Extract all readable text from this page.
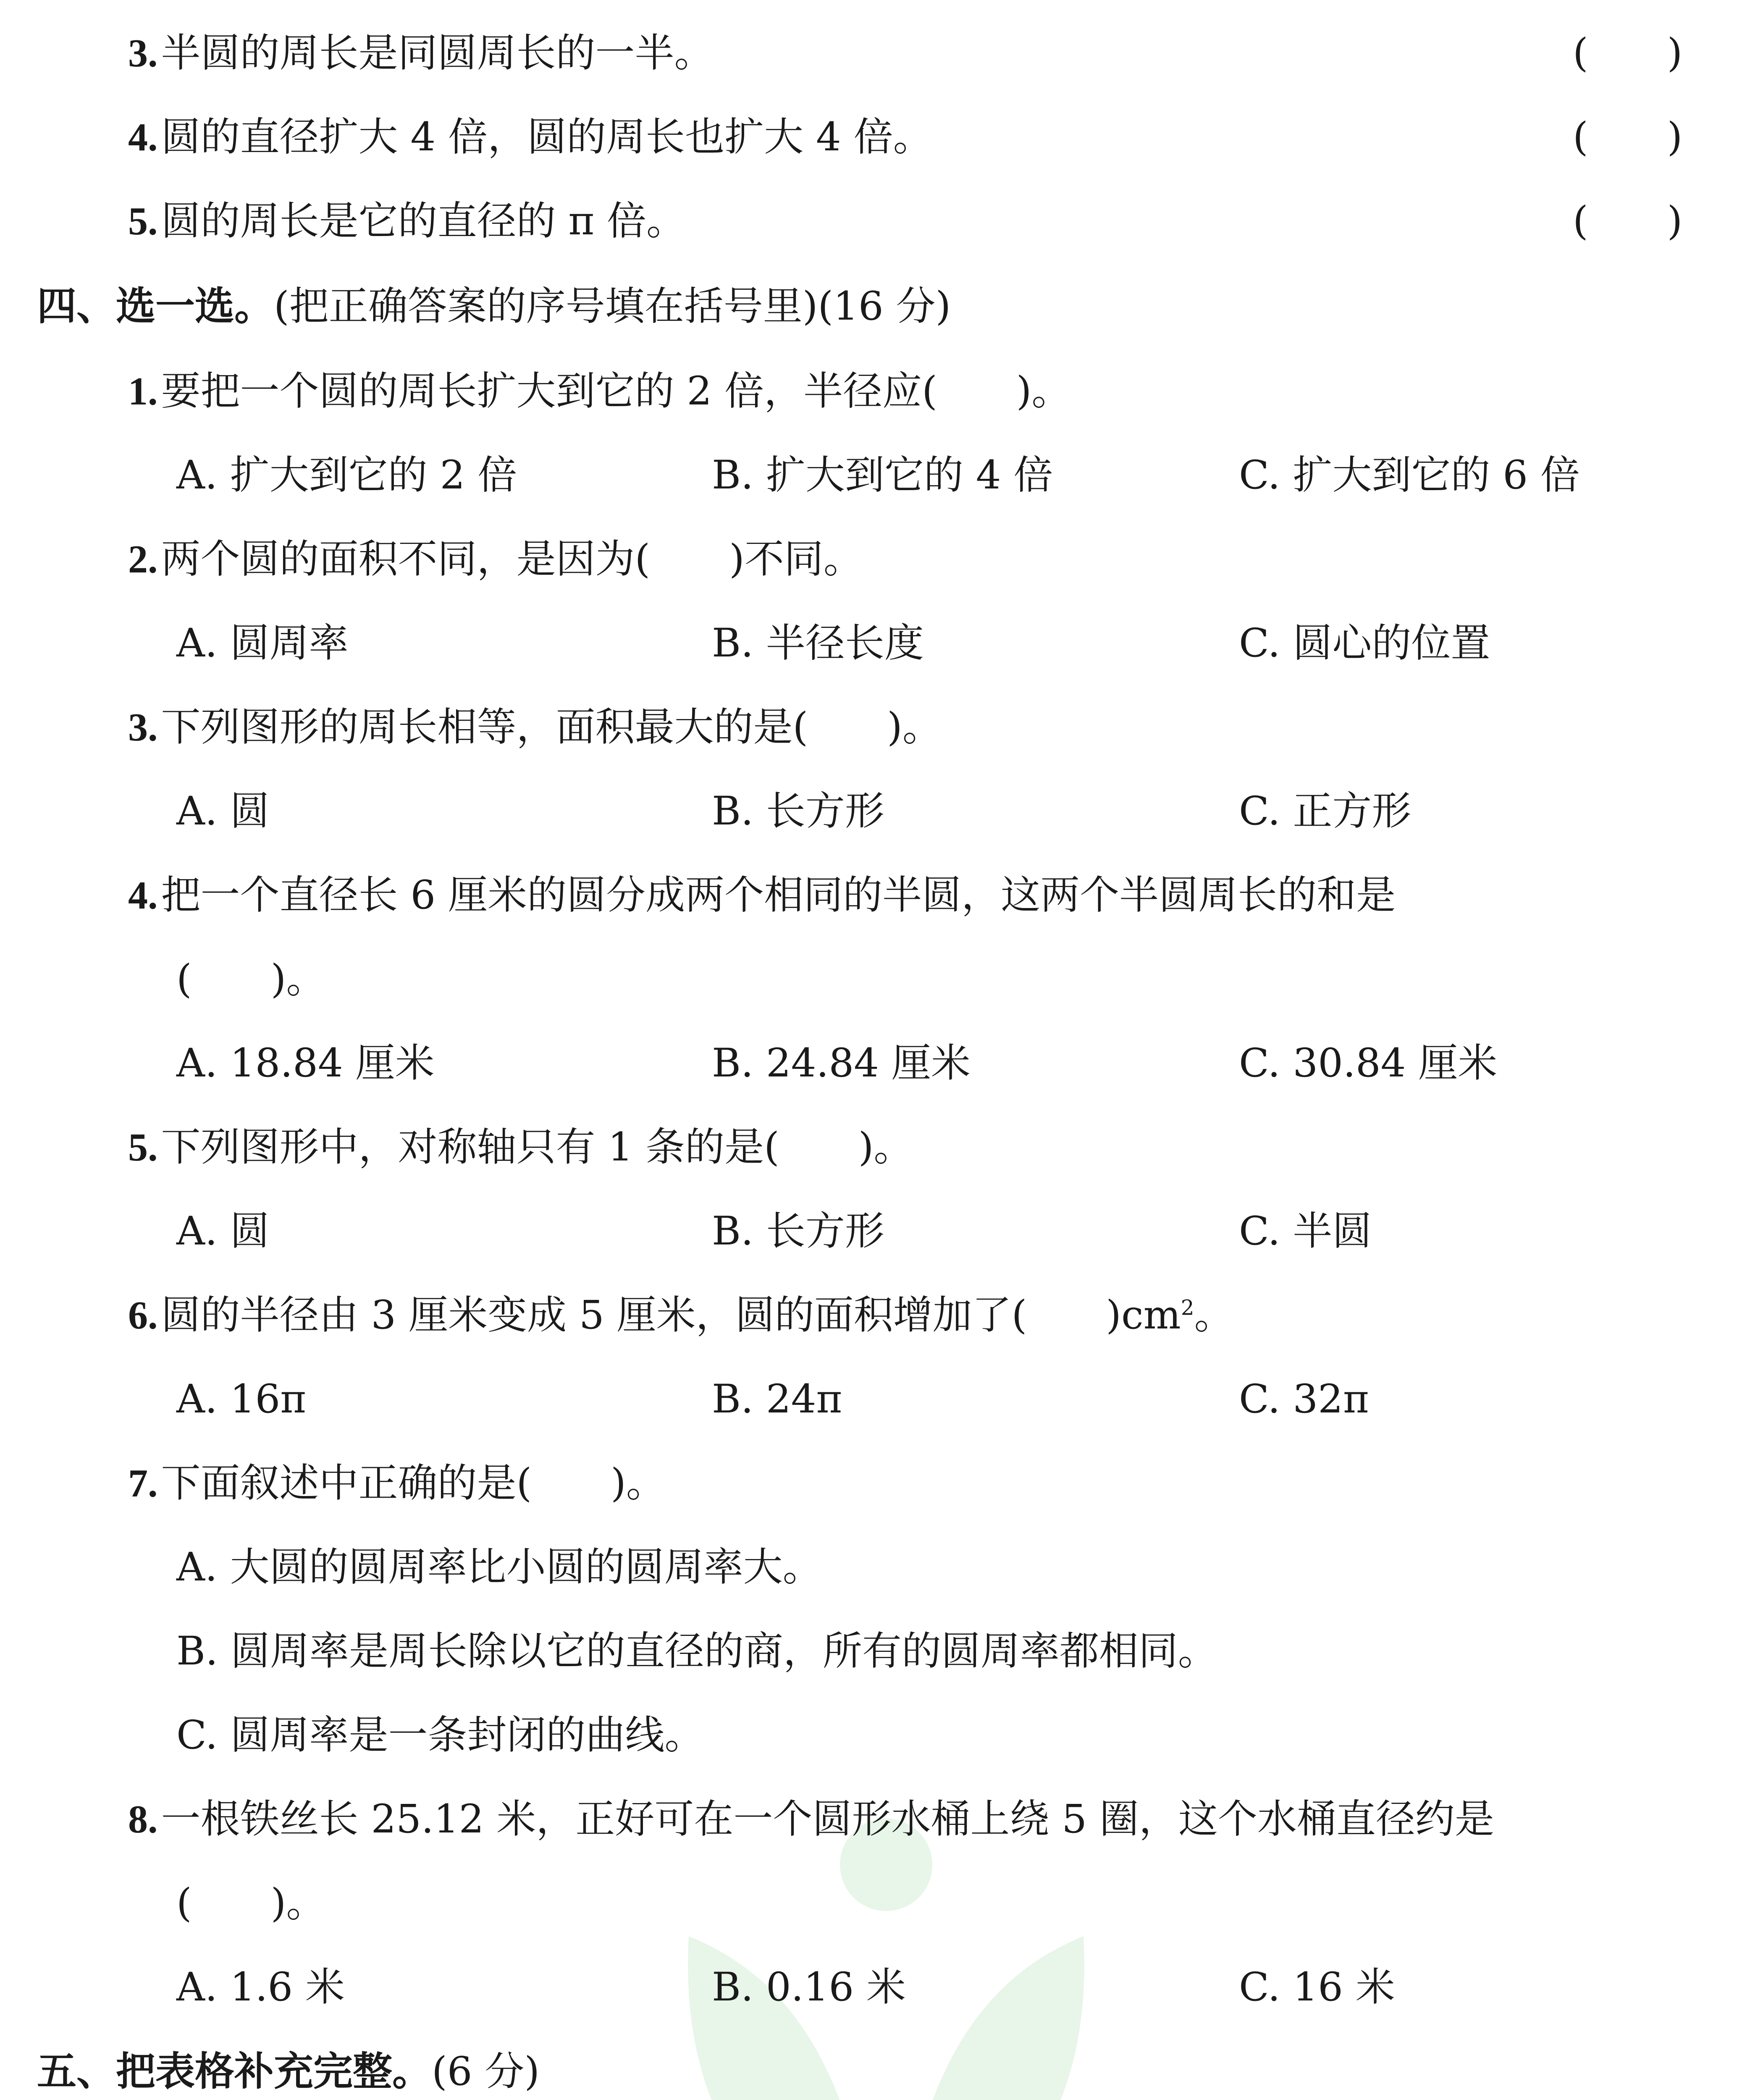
3.半圆的周长是同圆周长的一半。	(　　)
4.圆的直径扩大 4 倍，圆的周长也扩大 4 倍。	(　　)
5.圆的周长是它的直径的 π 倍。	(　　)
四、选一选。(把正确答案的序号填在括号里)(16 分)
1.要把一个圆的周长扩大到它的 2 倍，半径应(　　)。
A. 扩大到它的 2 倍	B. 扩大到它的 4 倍	C. 扩大到它的 6 倍
2.两个圆的面积不同，是因为(　　)不同。
A. 圆周率	B. 半径长度	C. 圆心的位置
3.下列图形的周长相等，面积最大的是(　　)。
A. 圆	B. 长方形	C. 正方形
4.把一个直径长 6 厘米的圆分成两个相同的半圆，这两个半圆周长的和是
(　　)。
A. 18.84 厘米	B. 24.84 厘米	C. 30.84 厘米
5.下列图形中，对称轴只有 1 条的是(　　)。
A. 圆	B. 长方形	C. 半圆
6.圆的半径由 3 厘米变成 5 厘米，圆的面积增加了(　　)$cm^2$。
A. 16π	B. 24π	C. 32π
7.下面叙述中正确的是(　　)。
A. 大圆的圆周率比小圆的圆周率大。
B. 圆周率是周长除以它的直径的商，所有的圆周率都相同。
C. 圆周率是一条封闭的曲线。
8.一根铁丝长 25.12 米，正好可在一个圆形水桶上绕 5 圈，这个水桶直径约是
(　　)。
A. 1.6 米	B. 0.16 米	C. 16 米
五、把表格补充完整。(6 分)
